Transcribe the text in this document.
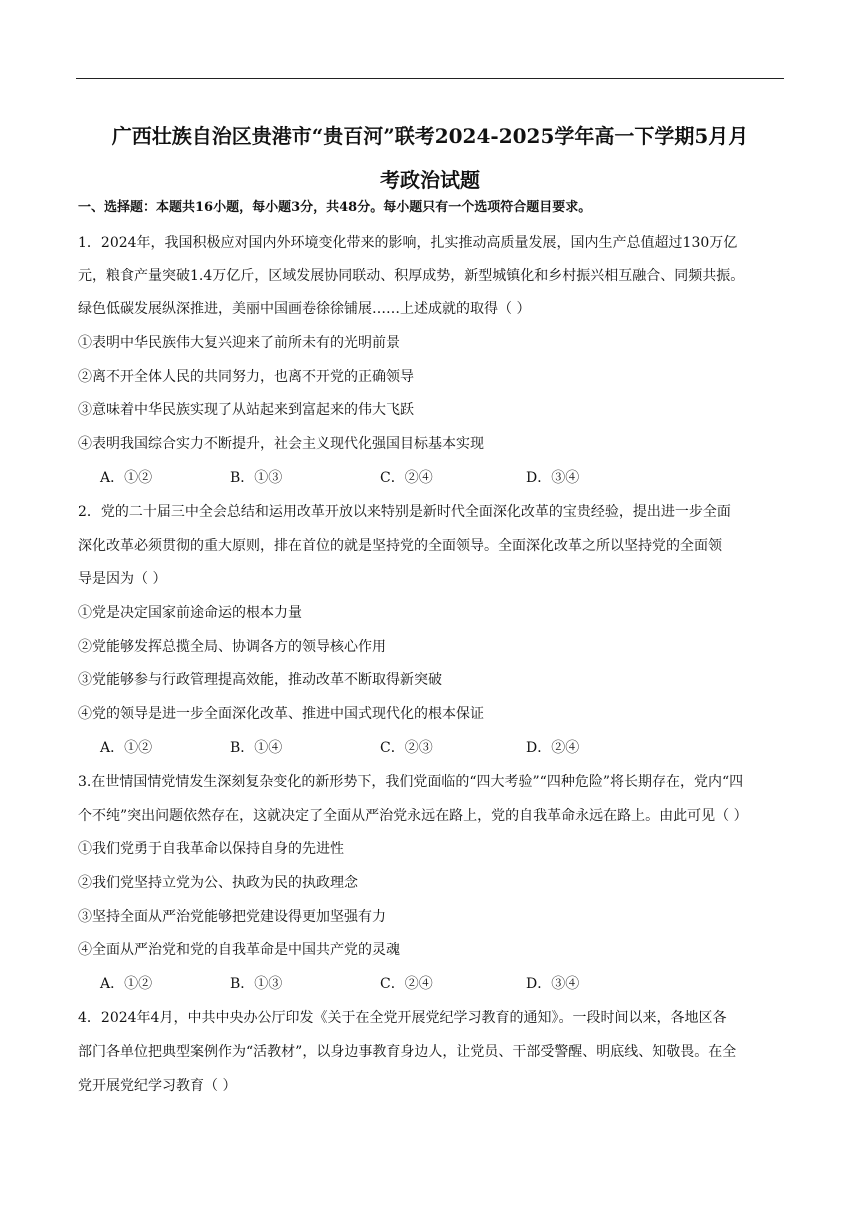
广西壮族自治区贵港市“贵百河”联考2024-2025学年高一下学期5月月
考政治试题
一、选择题：本题共16小题，每小题3分，共48分。每小题只有一个选项符合题目要求。
1．2024年，我国积极应对国内外环境变化带来的影响，扎实推动高质量发展，国内生产总值超过130万亿
元，粮食产量突破1.4万亿斤，区域发展协同联动、积厚成势，新型城镇化和乡村振兴相互融合、同频共振。
绿色低碳发展纵深推进，美丽中国画卷徐徐铺展……上述成就的取得（ ）
①表明中华民族伟大复兴迎来了前所未有的光明前景
②离不开全体人民的共同努力，也离不开党的正确领导
③意味着中华民族实现了从站起来到富起来的伟大飞跃
④表明我国综合实力不断提升，社会主义现代化强国目标基本实现
A．①②	B．①③	C．②④	D．③④
2．党的二十届三中全会总结和运用改革开放以来特别是新时代全面深化改革的宝贵经验，提出进一步全面
深化改革必须贯彻的重大原则，排在首位的就是坚持党的全面领导。全面深化改革之所以坚持党的全面领
导是因为（ ）
①党是决定国家前途命运的根本力量
②党能够发挥总揽全局、协调各方的领导核心作用
③党能够参与行政管理提高效能，推动改革不断取得新突破
④党的领导是进一步全面深化改革、推进中国式现代化的根本保证
A．①②	B．①④	C．②③	D．②④
3.在世情国情党情发生深刻复杂变化的新形势下，我们党面临的“四大考验”“四种危险”将长期存在，党内“四
个不纯”突出问题依然存在，这就决定了全面从严治党永远在路上，党的自我革命永远在路上。由此可见（ ）
①我们党勇于自我革命以保持自身的先进性
②我们党坚持立党为公、执政为民的执政理念
③坚持全面从严治党能够把党建设得更加坚强有力
④全面从严治党和党的自我革命是中国共产党的灵魂
A．①②	B．①③	C．②④	D．③④
4．2024年4月，中共中央办公厅印发《关于在全党开展党纪学习教育的通知》。一段时间以来，各地区各
部门各单位把典型案例作为“活教材”，以身边事教育身边人，让党员、干部受警醒、明底线、知敬畏。在全
党开展党纪学习教育（ ）
